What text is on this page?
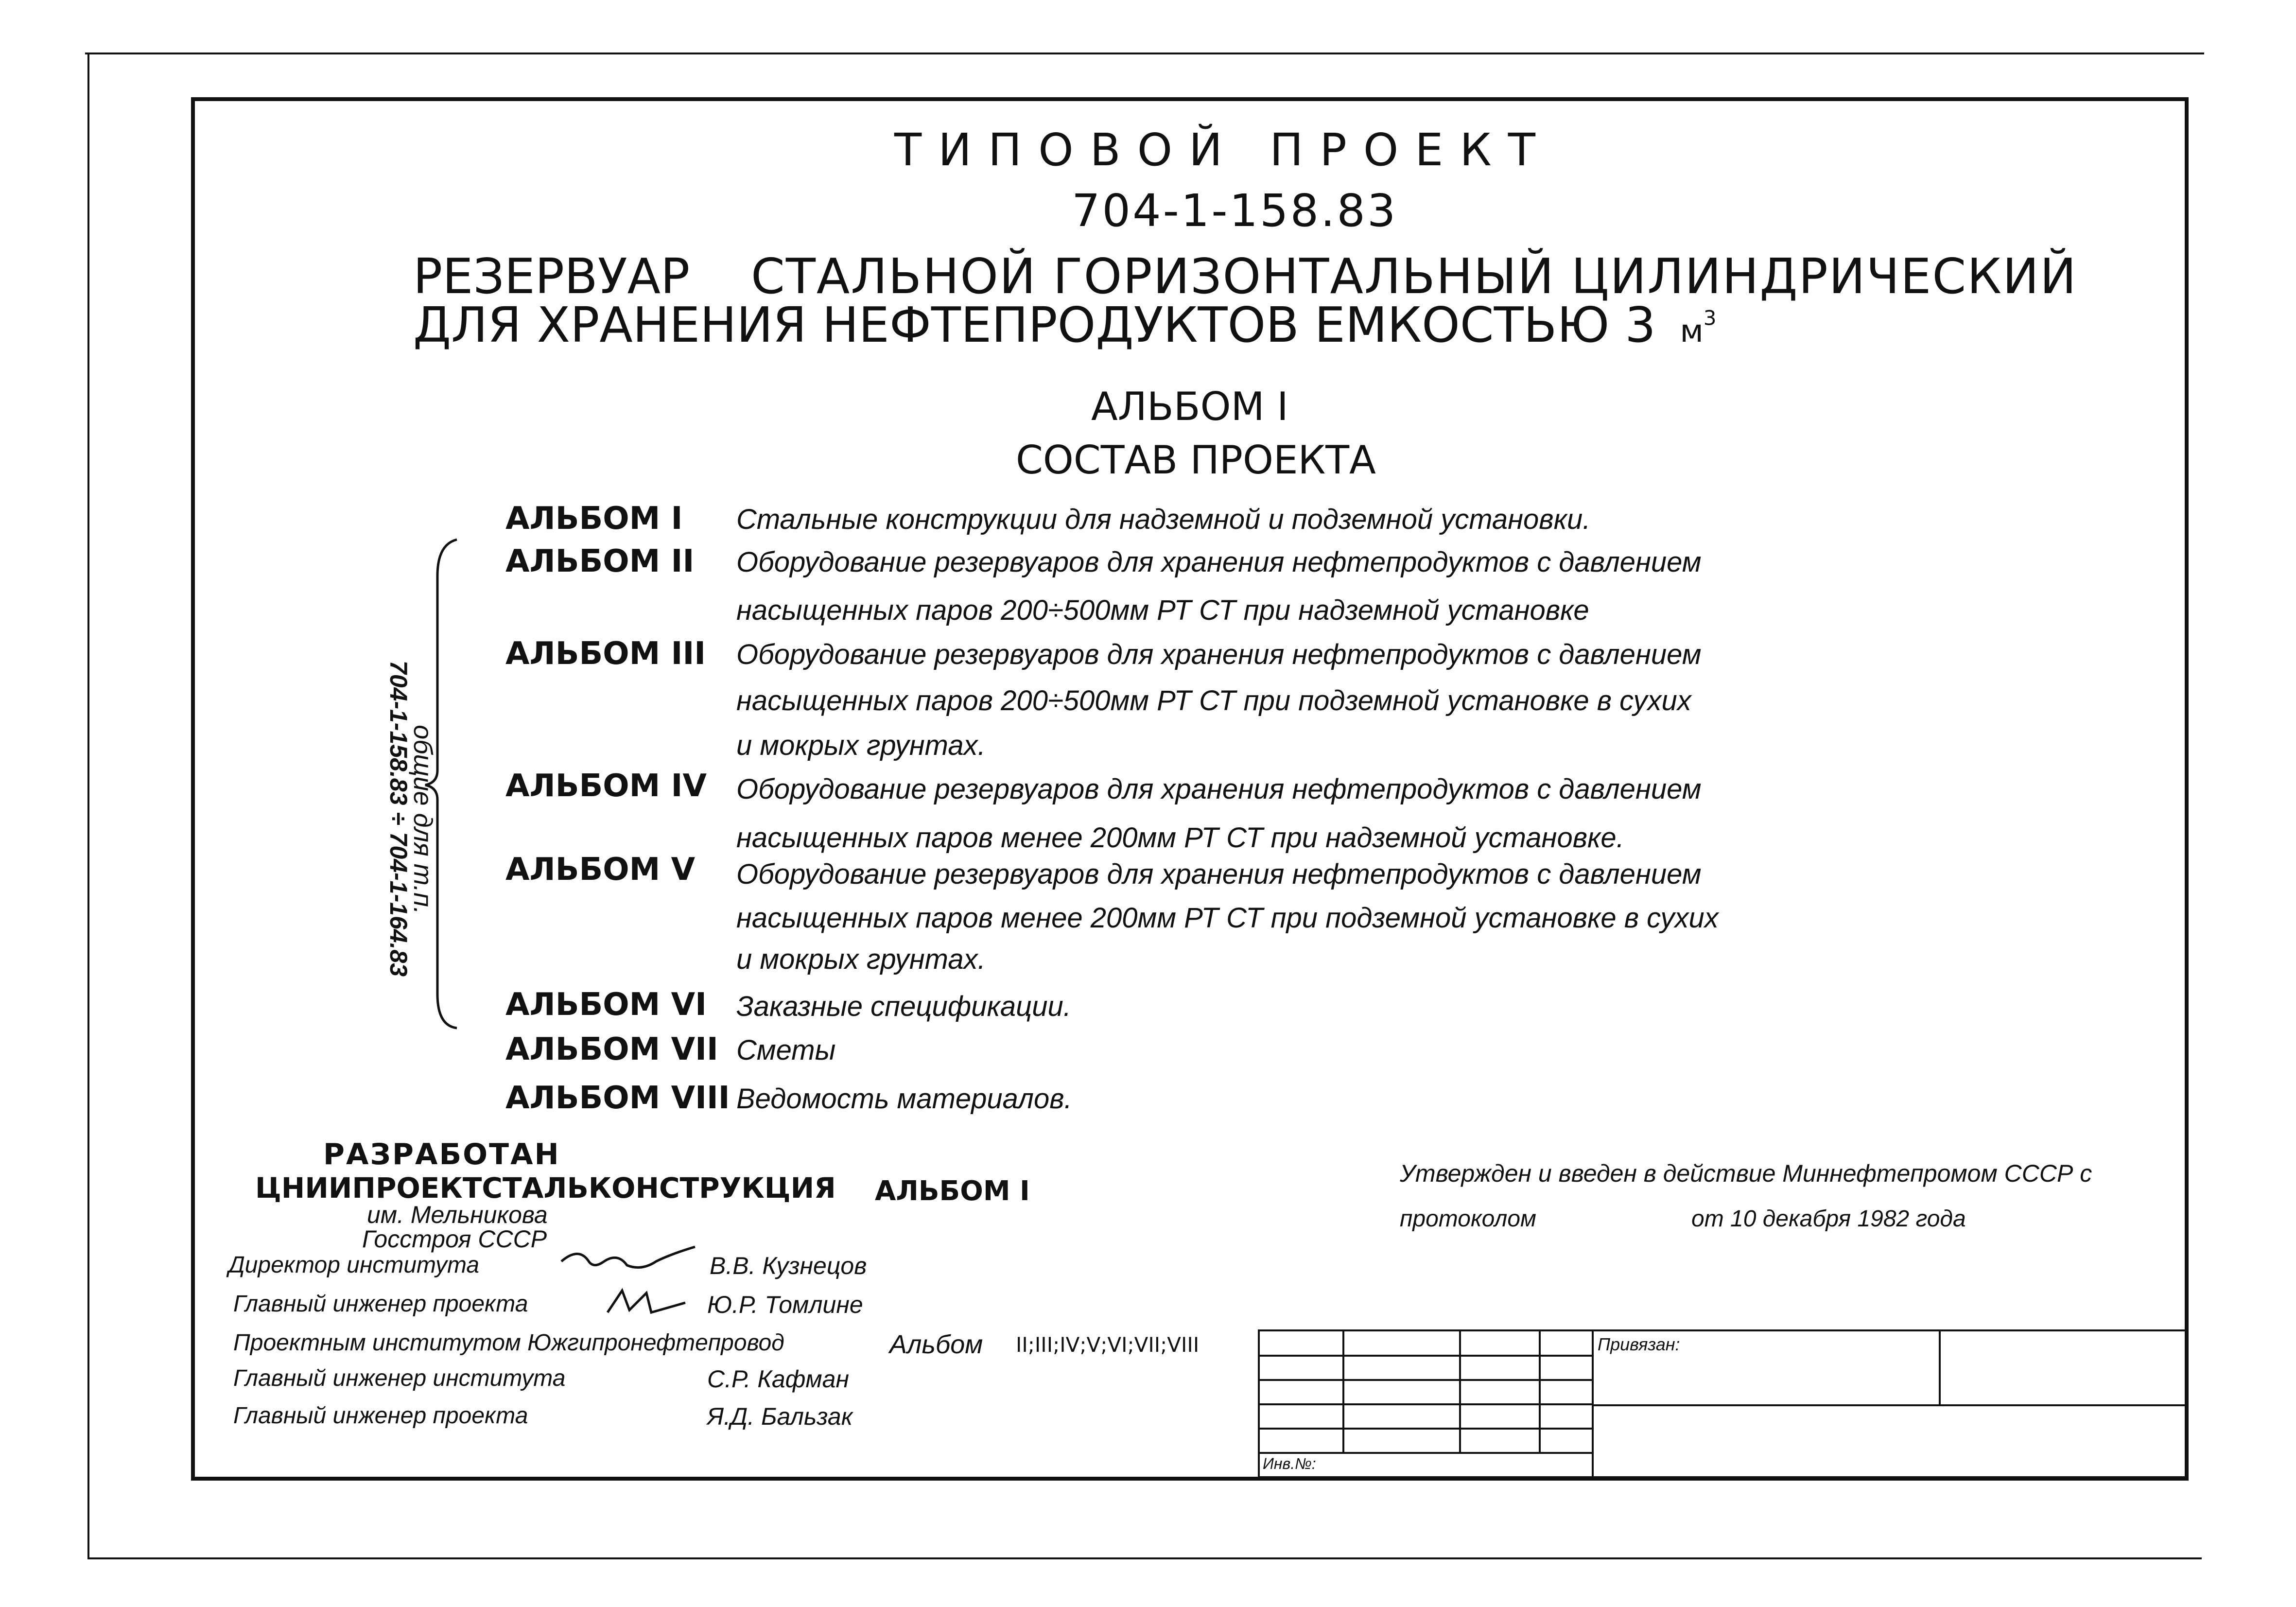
ТИПОВОЙ ПРОЕКТ
704-1-158.83
РЕЗЕРВУАР СТАЛЬНОЙ ГОРИЗОНТАЛЬНЫЙ ЦИЛИНДРИЧЕСКИЙ
ДЛЯ ХРАНЕНИЯ НЕФТЕПРОДУКТОВ ЕМКОСТЬЮ 3 $м^3$
АЛЬБОМ I
СОСТАВ ПРОЕКТА
общие для т.п.
704-1-158.83 ÷ 704-1-164.83
АЛЬБОМ I Стальные конструкции для надземной и подземной установки.
АЛЬБОМ II Оборудование резервуаров для хранения нефтепродуктов с давлением
насыщенных паров 200÷500мм РТ СТ при надземной установке
АЛЬБОМ III Оборудование резервуаров для хранения нефтепродуктов с давлением
насыщенных паров 200÷500мм РТ СТ при подземной установке в сухих
и мокрых грунтах.
АЛЬБОМ IV Оборудование резервуаров для хранения нефтепродуктов с давлением
насыщенных паров менее 200мм РТ СТ при надземной установке.
АЛЬБОМ V Оборудование резервуаров для хранения нефтепродуктов с давлением
насыщенных паров менее 200мм РТ СТ при подземной установке в сухих
и мокрых грунтах.
АЛЬБОМ VI Заказные спецификации.
АЛЬБОМ VII Сметы
АЛЬБОМ VIII Ведомость материалов.
РАЗРАБОТАН
ЦНИИПРОЕКТСТАЛЬКОНСТРУКЦИЯ
им. Мельникова
Госстроя СССР
АЛЬБОМ I
Директор института	В.В. Кузнецов
Главный инженер проекта	Ю.Р. Томлине
Проектным институтом Южгипронефтепровод	Альбом II;III;IV;V;VI;VII;VIII
Главный инженер института	С.Р. Кафман
Главный инженер проекта	Я.Д. Бальзак
Утвержден и введен в действие Миннефтепромом СССР с
протоколом	от 10 декабря 1982 года

Инв.№:			
Привязан:
